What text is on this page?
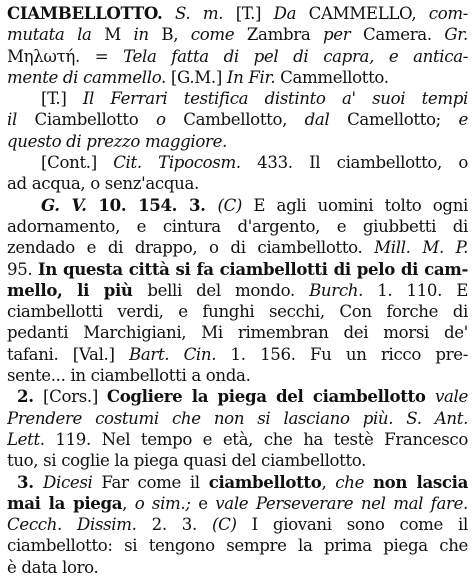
CIAMBELLOTTO. S. m. [T.] Da CAMMELLO, com-
mutata la M in B, come Zambra per Camera. Gr.
Μηλωτή. = Tela fatta di pel di capra, e antica-
mente di cammello. [G.M.] In Fir. Cammellotto.
[T.] Il Ferrari testifica distinto a' suoi tempi
il Ciambellotto o Cambellotto, dal Camellotto; e
questo di prezzo maggiore.
[Cont.] Cit. Tipocosm. 433. Il ciambellotto, o
ad acqua, o senz'acqua.
G. V. 10. 154. 3. (C) E agli uomini tolto ogni
adornamento, e cintura d'argento, e giubbetti di
zendado e di drappo, o di ciambellotto. Mill. M. P.
95. In questa città si fa ciambellotti di pelo di cam-
mello, li più belli del mondo. Burch. 1. 110. E
ciambellotti verdi, e funghi secchi, Con forche di
pedanti Marchigiani, Mi rimembran dei morsi de'
tafani. [Val.] Bart. Cin. 1. 156. Fu un ricco pre-
sente... in ciambellotti a onda.
2. [Cors.] Cogliere la piega del ciambellotto vale
Prendere costumi che non si lasciano più. S. Ant.
Lett. 119. Nel tempo e età, che ha testè Francesco
tuo, si coglie la piega quasi del ciambellotto.
3. Dicesi Far come il ciambellotto, che non lascia
mai la piega, o sim.; e vale Perseverare nel mal fare.
Cecch. Dissim. 2. 3. (C) I giovani sono come il
ciambellotto: si tengono sempre la prima piega che
è data loro.
